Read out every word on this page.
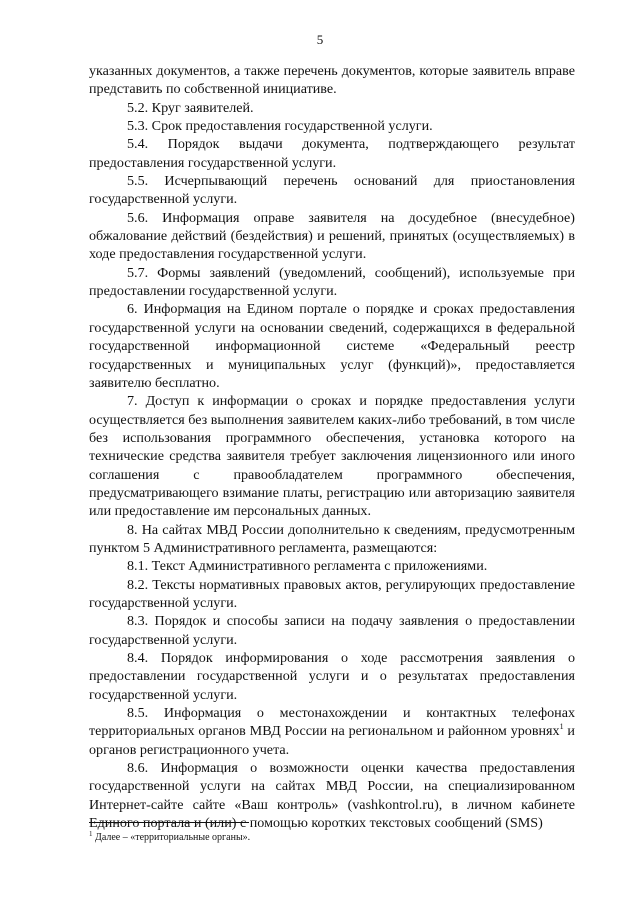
5

указанных документов, а также перечень документов, которые заявитель вправе представить по собственной инициативе.

5.2. Круг заявителей.

5.3. Срок предоставления государственной услуги.

5.4. Порядок выдачи документа, подтверждающего результат предоставления государственной услуги.

5.5. Исчерпывающий перечень оснований для приостановления государственной услуги.

5.6. Информация оправе заявителя на досудебное (внесудебное) обжалование действий (бездействия) и решений, принятых (осуществляемых) в ходе предоставления государственной услуги.

5.7. Формы заявлений (уведомлений, сообщений), используемые при предоставлении государственной услуги.

6. Информация на Едином портале о порядке и сроках предоставления государственной услуги на основании сведений, содержащихся в федеральной государственной информационной системе «Федеральный реестр государственных и муниципальных услуг (функций)», предоставляется заявителю бесплатно.

7. Доступ к информации о сроках и порядке предоставления услуги осуществляется без выполнения заявителем каких-либо требований, в том числе без использования программного обеспечения, установка которого на технические средства заявителя требует заключения лицензионного или иного соглашения с правообладателем программного обеспечения, предусматривающего взимание платы, регистрацию или авторизацию заявителя или предоставление им персональных данных.

8. На сайтах МВД России дополнительно к сведениям, предусмотренным пунктом 5 Административного регламента, размещаются:

8.1. Текст Административного регламента с приложениями.

8.2. Тексты нормативных правовых актов, регулирующих предоставление государственной услуги.

8.3. Порядок и способы записи на подачу заявления о предоставлении государственной услуги.

8.4. Порядок информирования о ходе рассмотрения заявления о предоставлении государственной услуги и о результатах предоставления государственной услуги.

8.5. Информация о местонахождении и контактных телефонах территориальных органов МВД России на региональном и районном уровнях$^1$ и органов регистрационного учета.

8.6. Информация о возможности оценки качества предоставления государственной услуги на сайтах МВД России, на специализированном Интернет-сайте сайте «Ваш контроль» (vashkontrol.ru), в личном кабинете Единого портала и (или) с помощью коротких текстовых сообщений (SMS)

$^1$ Далее – «территориальные органы».
